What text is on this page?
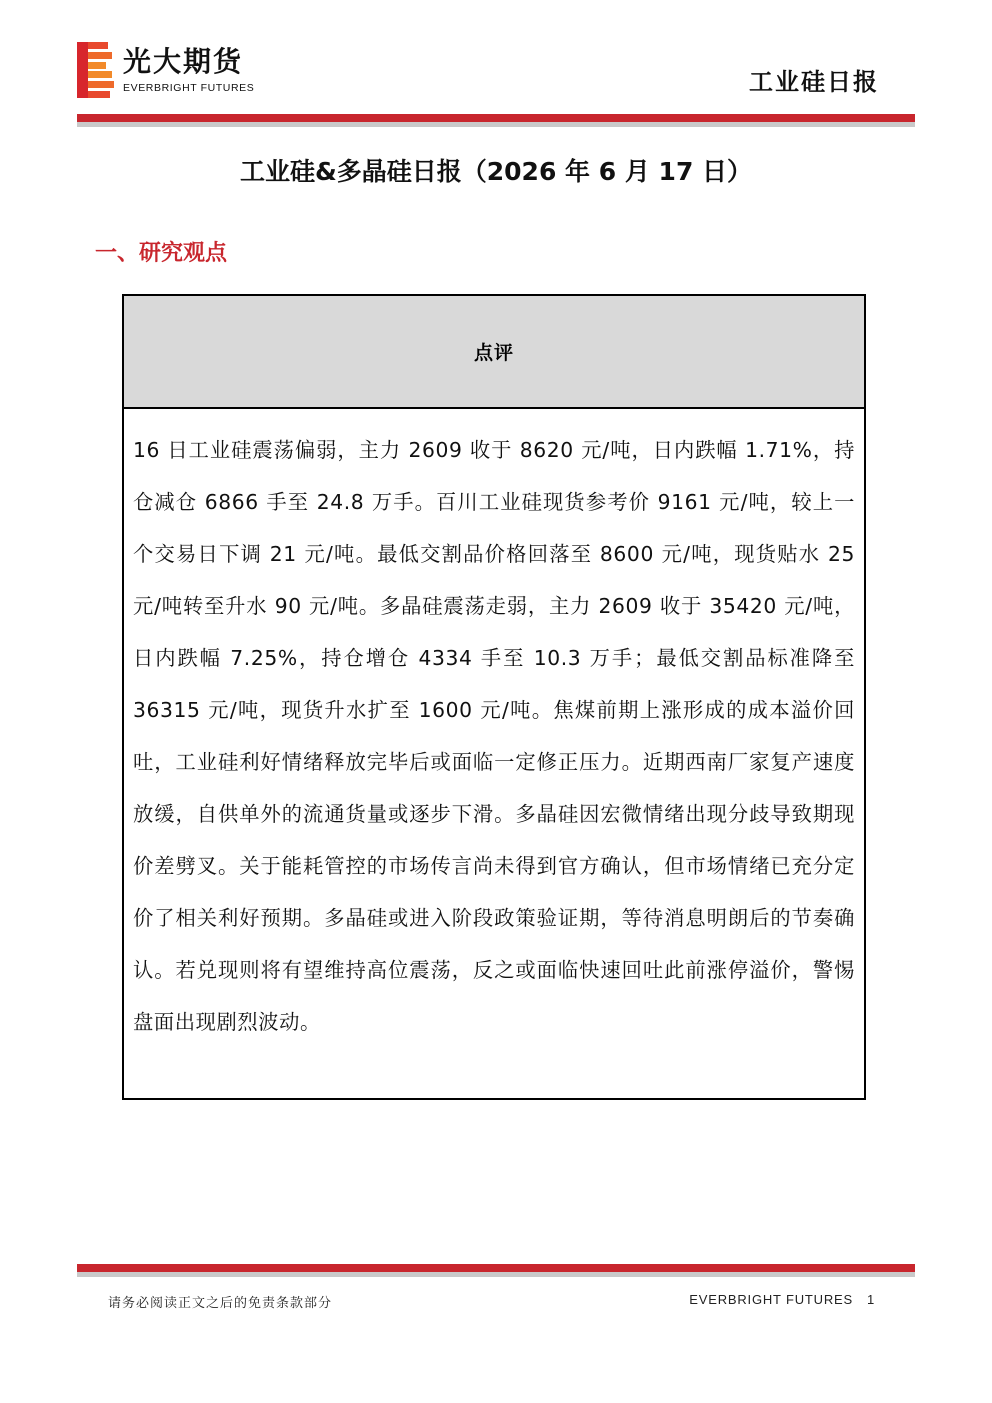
光大期货
EVERBRIGHT FUTURES	工业硅日报
工业硅&多晶硅日报（2026 年 6 月 17 日）
一、研究观点
点评
16 日工业硅震荡偏弱，主力 2609 收于 8620 元/吨，日内跌幅 1.71%，持仓减仓 6866 手至 24.8 万手。百川工业硅现货参考价 9161 元/吨，较上一个交易日下调 21 元/吨。最低交割品价格回落至 8600 元/吨，现货贴水 25 元/吨转至升水 90 元/吨。多晶硅震荡走弱，主力 2609 收于 35420 元/吨，日内跌幅 7.25%，持仓增仓 4334 手至 10.3 万手；最低交割品标准降至 36315 元/吨，现货升水扩至 1600 元/吨。焦煤前期上涨形成的成本溢价回吐，工业硅利好情绪释放完毕后或面临一定修正压力。近期西南厂家复产速度放缓，自供单外的流通货量或逐步下滑。多晶硅因宏微情绪出现分歧导致期现价差劈叉。关于能耗管控的市场传言尚未得到官方确认，但市场情绪已充分定价了相关利好预期。多晶硅或进入阶段政策验证期，等待消息明朗后的节奏确认。若兑现则将有望维持高位震荡，反之或面临快速回吐此前涨停溢价，警惕盘面出现剧烈波动。
请务必阅读正文之后的免责条款部分	EVERBRIGHT FUTURES 1
